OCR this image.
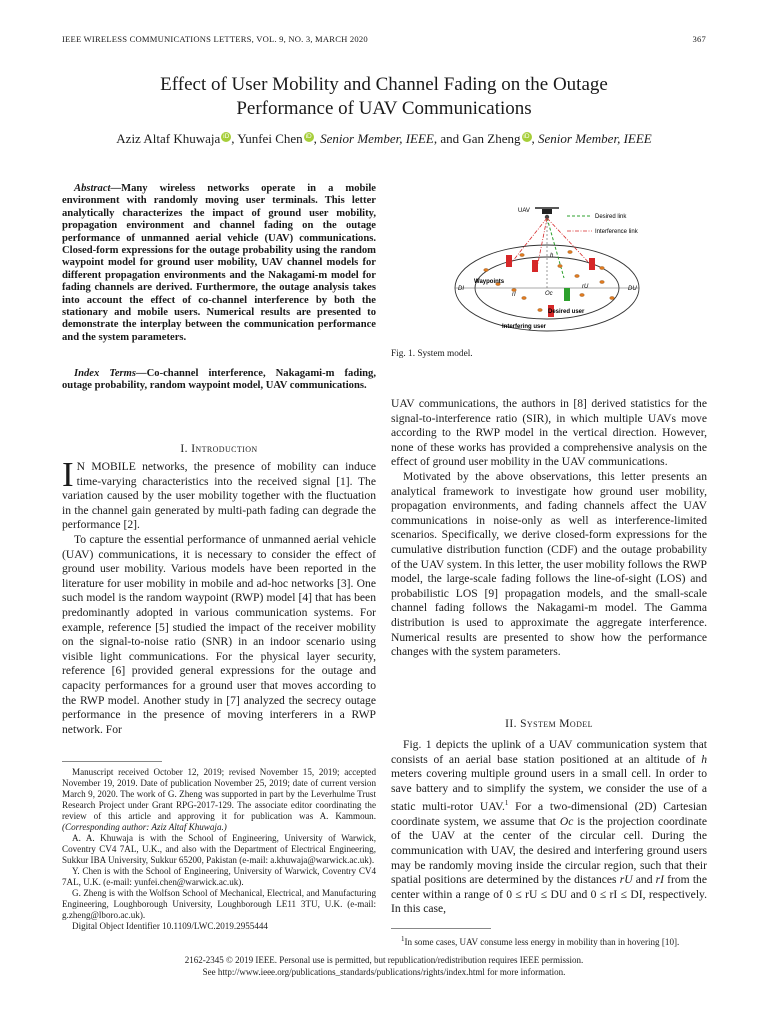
IEEE WIRELESS COMMUNICATIONS LETTERS, VOL. 9, NO. 3, MARCH 2020	367
Effect of User Mobility and Channel Fading on the Outage
Performance of UAV Communications
Aziz Altaf Khuwaja iD , Yunfei Chen iD , Senior Member, IEEE, and Gan Zheng iD , Senior Member, IEEE
Abstract—Many wireless networks operate in a mobile environment with randomly moving user terminals. This letter analytically characterizes the impact of ground user mobility, propagation environment and channel fading on the outage performance of unmanned aerial vehicle (UAV) communications. Closed-form expressions for the outage probability using the random waypoint model for ground user mobility, UAV channel models for different propagation environments and the Nakagami-m model for fading channels are derived. Furthermore, the outage analysis takes into account the effect of co-channel interference by both the stationary and mobile users. Numerical results are presented to demonstrate the interplay between the communication performance and the system parameters.
Index Terms—Co-channel interference, Nakagami-m fading, outage probability, random waypoint model, UAV communications.
I. Introduction

I N MOBILE networks, the presence of mobility can induce time-varying characteristics into the received signal [1]. The variation caused by the user mobility together with the fluctuation in the channel gain generated by multi-path fading can degrade the performance [2].

To capture the essential performance of unmanned aerial vehicle (UAV) communications, it is necessary to consider the effect of ground user mobility. Various models have been reported in the literature for user mobility in mobile and ad-hoc networks [3]. One such model is the random waypoint (RWP) model [4] that has been predominantly adopted in various communication systems. For example, reference [5] studied the impact of the receiver mobility on the signal-to-noise ratio (SNR) in an indoor scenario using visible light communications. For the physical layer security, reference [6] provided general expressions for the outage and capacity performances for a ground user that moves according to the RWP model. Another study in [7] analyzed the secrecy outage performance in the presence of moving interferers in a RWP network. For

Manuscript received October 12, 2019; revised November 15, 2019; accepted November 19, 2019. Date of publication November 25, 2019; date of current version March 9, 2020. The work of G. Zheng was supported in part by the Leverhulme Trust Research Project under Grant RPG-2017-129. The associate editor coordinating the review of this article and approving it for publication was A. Kammoun. (Corresponding author: Aziz Altaf Khuwaja.)

A. A. Khuwaja is with the School of Engineering, University of Warwick, Coventry CV4 7AL, U.K., and also with the Department of Electrical Engineering, Sukkur IBA University, Sukkur 65200, Pakistan (e-mail: a.khuwaja@warwick.ac.uk).

Y. Chen is with the School of Engineering, University of Warwick, Coventry CV4 7AL, U.K. (e-mail: yunfei.chen@warwick.ac.uk).

G. Zheng is with the Wolfson School of Mechanical, Electrical, and Manufacturing Engineering, Loughborough University, Loughborough LE11 3TU, U.K. (e-mail: g.zheng@lboro.ac.uk).

Digital Object Identifier 10.1109/LWC.2019.2955444

UAV
Desired link
Interference link
h
Waypoints
rI
rU
Oc
DI	DU
Desired user
Interfering user
Fig. 1. System model.

UAV communications, the authors in [8] derived statistics for the signal-to-interference ratio (SIR), in which multiple UAVs move according to the RWP model in the vertical direction. However, none of these works has provided a comprehensive analysis on the effect of ground user mobility in the UAV communications.

Motivated by the above observations, this letter presents an analytical framework to investigate how ground user mobility, propagation environments, and fading channels affect the UAV communications in noise-only as well as interference-limited scenarios. Specifically, we derive closed-form expressions for the cumulative distribution function (CDF) and the outage probability of the UAV system. In this letter, the user mobility follows the RWP model, the large-scale fading follows the line-of-sight (LOS) and probabilistic LOS [9] propagation models, and the small-scale channel fading follows the Nakagami-m model. The Gamma distribution is used to approximate the aggregate interference. Numerical results are presented to show how the performance changes with the system parameters.

II. System Model

Fig. 1 depicts the uplink of a UAV communication system that consists of an aerial base station positioned at an altitude of h meters covering multiple ground users in a small cell. In order to save battery and to simplify the system, we consider the use of a static multi-rotor UAV.$^1$ For a two-dimensional (2D) Cartesian coordinate system, we assume that Oc is the projection coordinate of the UAV at the center of the circular cell. During the communication with UAV, the desired and interfering ground users may be randomly moving inside the circular region, such that their spatial positions are determined by the distances rU and rI from the center within a range of 0 ≤ rU ≤ DU and 0 ≤ rI ≤ DI, respectively. In this case,

$^1$In some cases, UAV consume less energy in mobility than in hovering [10].
2162-2345 © 2019 IEEE. Personal use is permitted, but republication/redistribution requires IEEE permission.
See http://www.ieee.org/publications_standards/publications/rights/index.html for more information.
